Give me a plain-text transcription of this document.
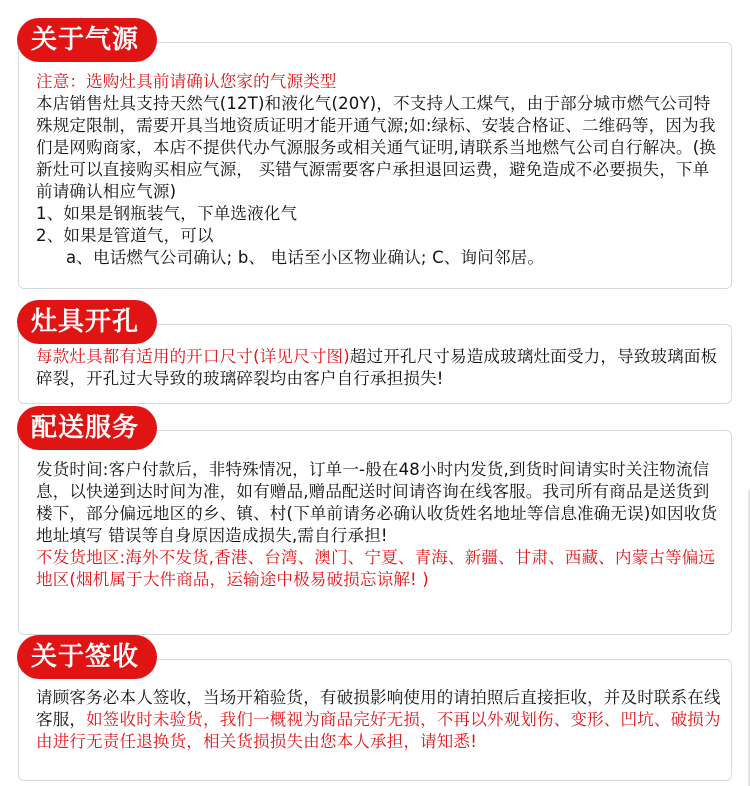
关于气源

注意：选购灶具前请确认您家的气源类型

本店销售灶具支持天然气(12T)和液化气(20Y)，不支持人工煤气，由于部分城市燃气公司特殊规定限制，需要开具当地资质证明才能开通气源;如:绿标、安装合格证、二维码等，因为我们是网购商家，本店不提供代办气源服务或相关通气证明,请联系当地燃气公司自行解决。(换新灶可以直接购买相应气源， 买错气源需要客户承担退回运费，避免造成不必要损失，下单前请确认相应气源)

1、如果是钢瓶装气，下单选液化气

2、如果是管道气，可以

a、电话燃气公司确认; b、 电话至小区物业确认; C、询问邻居。

灶具开孔

每款灶具都有适用的开口尺寸(详见尺寸图)超过开孔尺寸易造成玻璃灶面受力，导致玻璃面板碎裂，开孔过大导致的玻璃碎裂均由客户自行承担损失!

配送服务

发货时间:客户付款后，非特殊情况，订单一-般在48小时内发货,到货时间请实时关注物流信息，以快递到达时间为准，如有赠品,赠品配送时间请咨询在线客服。我司所有商品是送货到楼下，部分偏远地区的乡、镇、村(下单前请务必确认收货姓名地址等信息准确无误)如因收货地址填写 错误等自身原因造成损失,需自行承担!

不发货地区:海外不发货,香港、台湾、澳门、宁夏、青海、新疆、甘肃、西藏、内蒙古等偏远地区(烟机属于大件商品，运输途中极易破损忘谅解! )

关于签收

请顾客务必本人签收，当场开箱验货，有破损影响使用的请拍照后直接拒收，并及时联系在线客服，如签收时未验货，我们一概视为商品完好无损，不再以外观划伤、变形、凹坑、破损为由进行无责任退换货，相关货损损失由您本人承担，请知悉!
